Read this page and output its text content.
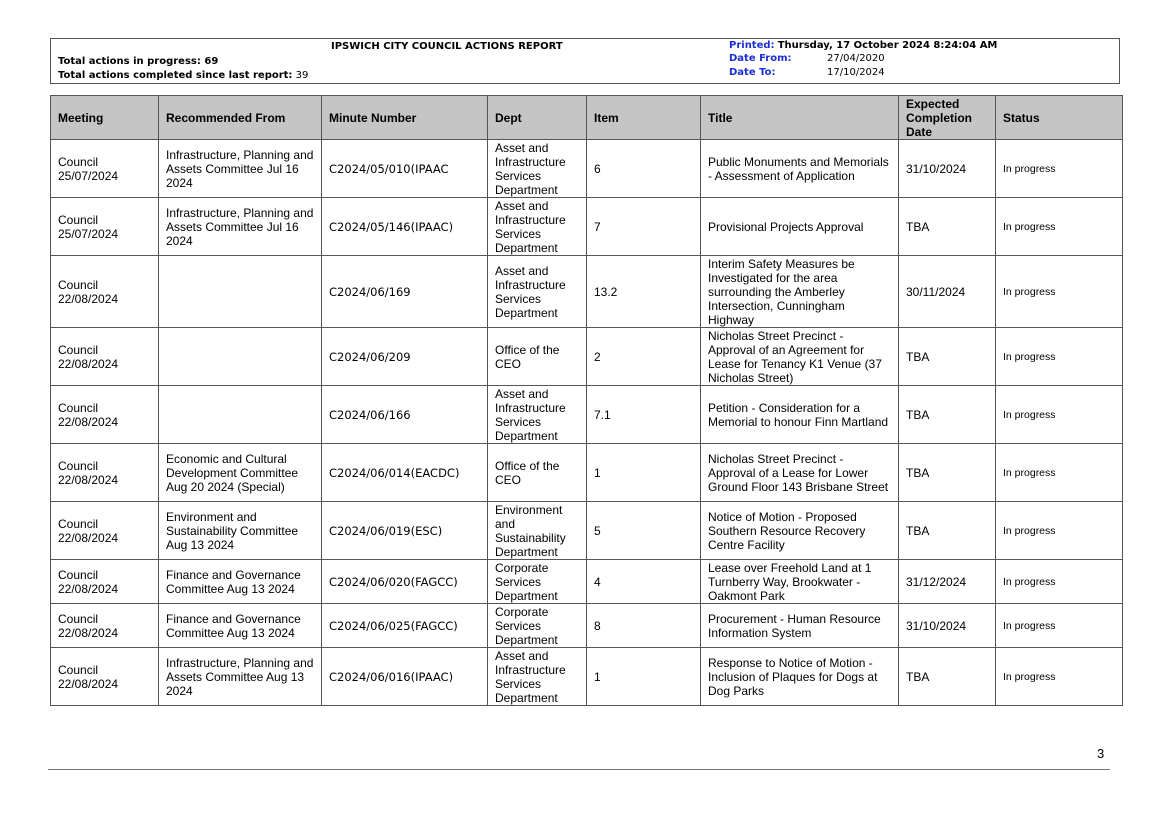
IPSWICH CITY COUNCIL ACTIONS REPORT
Total actions in progress: 69
Total actions completed since last report: 39
Printed: Thursday, 17 October 2024 8:24:04 AM
Date From:	27/04/2020
Date To:	17/10/2024
Meeting	Recommended From	Minute Number	Dept	Item	Title	Expected Completion Date	Status
Council 25/07/2024	Infrastructure, Planning and Assets Committee Jul 16 2024	C2024/05/010(IPAAC	Asset and Infrastructure Services Department	6	Public Monuments and Memorials - Assessment of Application	31/10/2024	In progress
Council 25/07/2024	Infrastructure, Planning and Assets Committee Jul 16 2024	C2024/05/146(IPAAC)	Asset and Infrastructure Services Department	7	Provisional Projects Approval	TBA	In progress
Council 22/08/2024		C2024/06/169	Asset and Infrastructure Services Department	13.2	Interim Safety Measures be Investigated for the area surrounding the Amberley Intersection, Cunningham Highway	30/11/2024	In progress
Council 22/08/2024		C2024/06/209	Office of the CEO	2	Nicholas Street Precinct - Approval of an Agreement for Lease for Tenancy K1 Venue (37 Nicholas Street)	TBA	In progress
Council 22/08/2024		C2024/06/166	Asset and Infrastructure Services Department	7.1	Petition - Consideration for a Memorial to honour Finn Martland	TBA	In progress
Council 22/08/2024	Economic and Cultural Development Committee Aug 20 2024 (Special)	C2024/06/014(EACDC)	Office of the CEO	1	Nicholas Street Precinct - Approval of a Lease for Lower Ground Floor 143 Brisbane Street	TBA	In progress
Council 22/08/2024	Environment and Sustainability Committee Aug 13 2024	C2024/06/019(ESC)	Environment and Sustainability Department	5	Notice of Motion - Proposed Southern Resource Recovery Centre Facility	TBA	In progress
Council 22/08/2024	Finance and Governance Committee Aug 13 2024	C2024/06/020(FAGCC)	Corporate Services Department	4	Lease over Freehold Land at 1 Turnberry Way, Brookwater - Oakmont Park	31/12/2024	In progress
Council 22/08/2024	Finance and Governance Committee Aug 13 2024	C2024/06/025(FAGCC)	Corporate Services Department	8	Procurement - Human Resource Information System	31/10/2024	In progress
Council 22/08/2024	Infrastructure, Planning and Assets Committee Aug 13 2024	C2024/06/016(IPAAC)	Asset and Infrastructure Services Department	1	Response to Notice of Motion - Inclusion of Plaques for Dogs at Dog Parks	TBA	In progress
3
